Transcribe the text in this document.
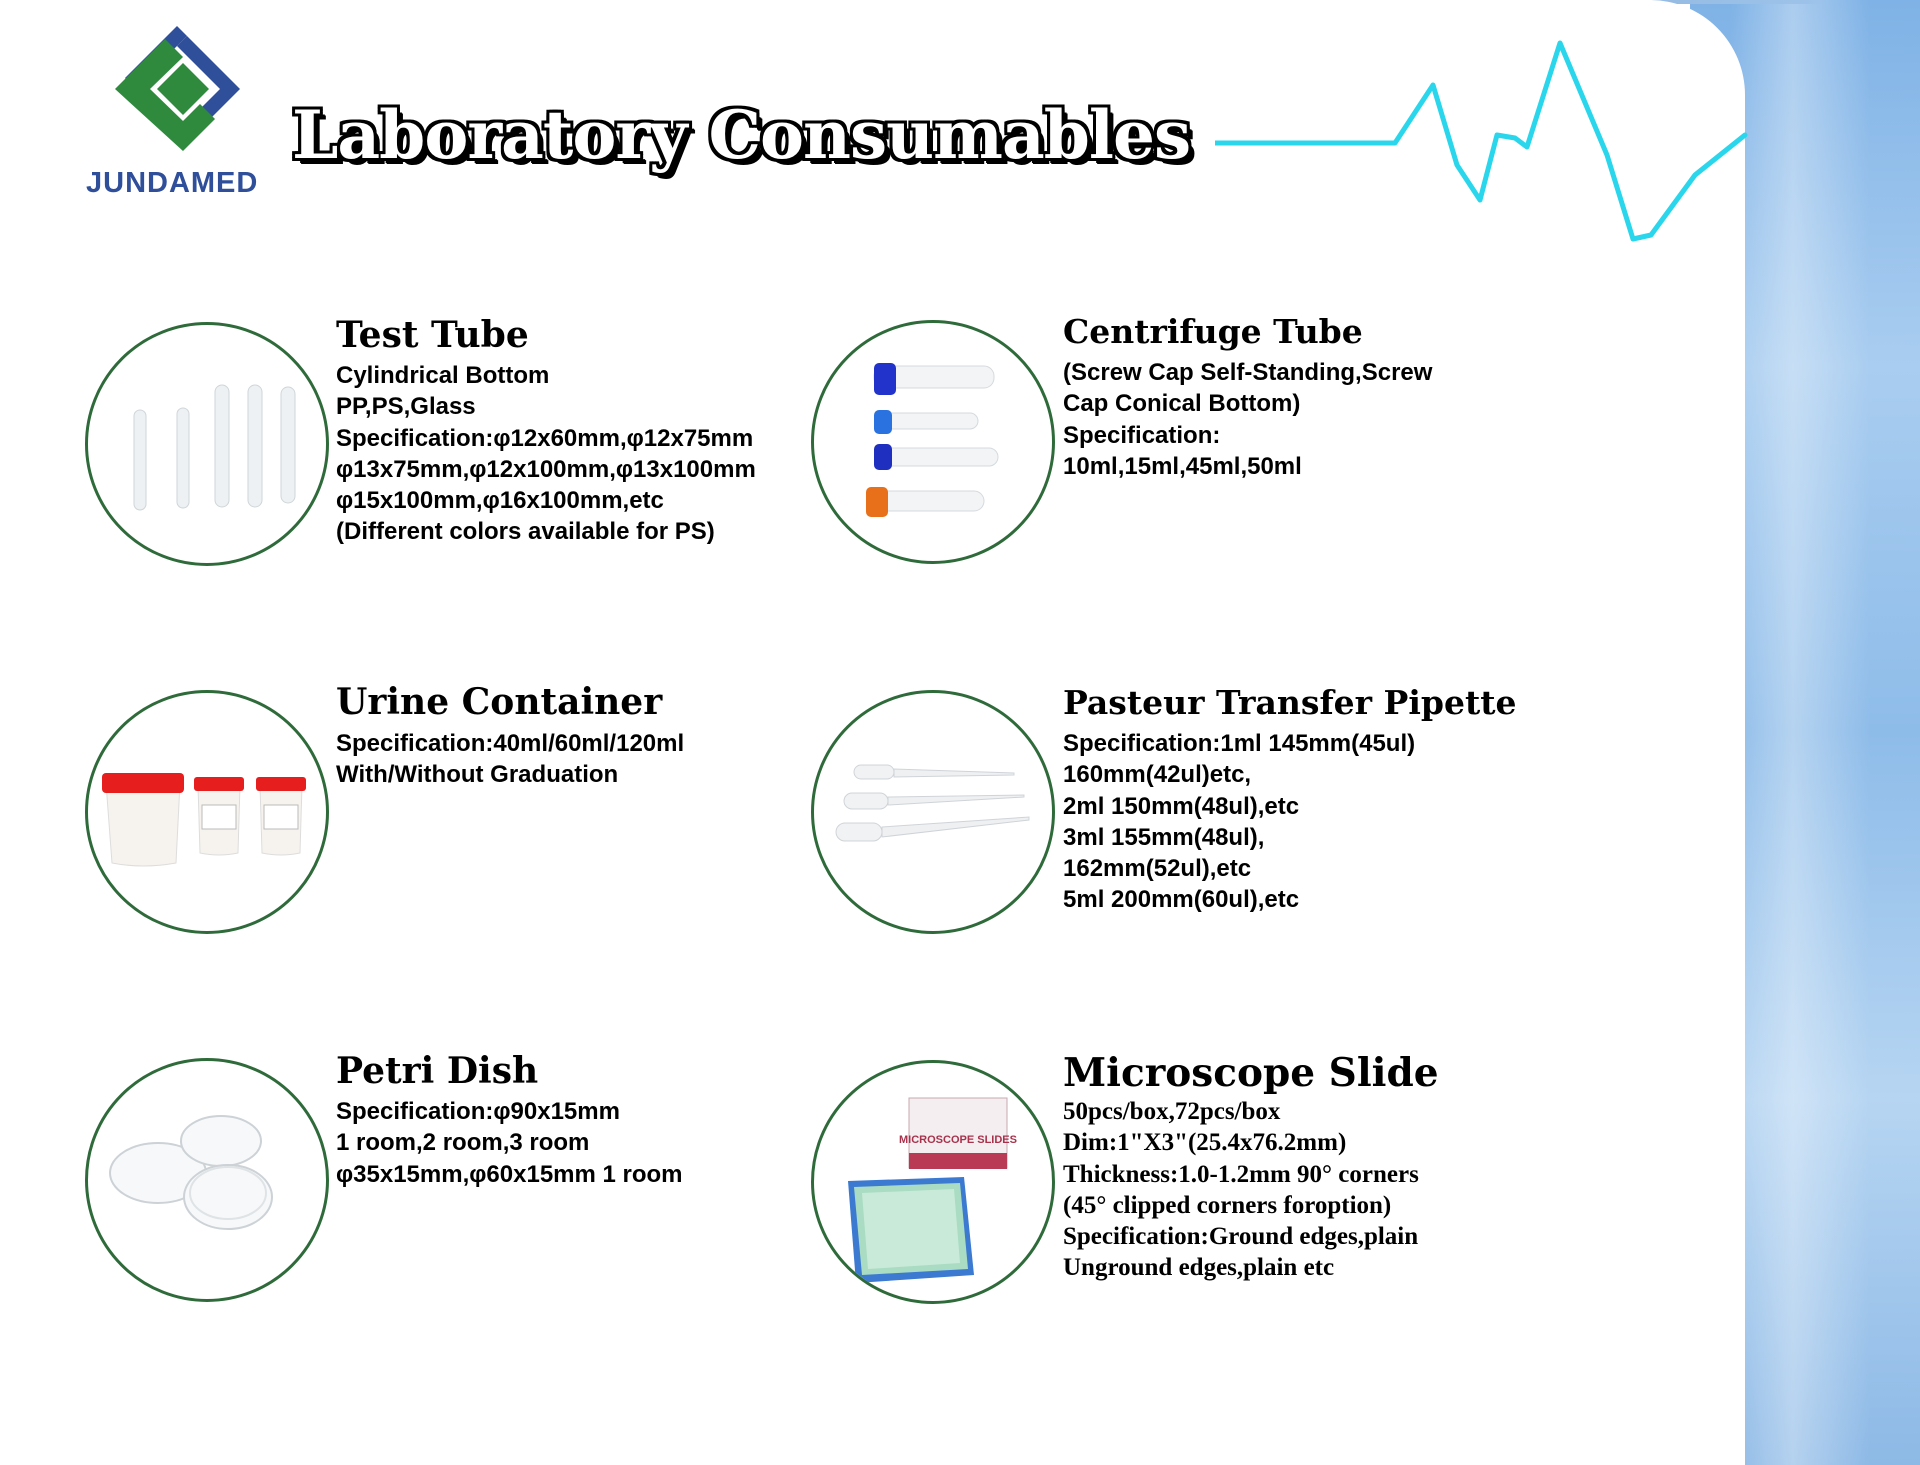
JUNDAMED
Laboratory Consumables
Test Tube
Cylindrical Bottom
PP,PS,Glass
Specification:φ12x60mm,φ12x75mm
φ13x75mm,φ12x100mm,φ13x100mm
φ15x100mm,φ16x100mm,etc
(Different colors available for PS)
Centrifuge Tube
(Screw Cap Self-Standing,Screw
Cap Conical Bottom)
Specification:
10ml,15ml,45ml,50ml
Urine Container
Specification:40ml/60ml/120ml
With/Without Graduation
Pasteur Transfer Pipette
Specification:1ml 145mm(45ul)
160mm(42ul)etc,
2ml 150mm(48ul),etc
3ml 155mm(48ul),
162mm(52ul),etc
5ml 200mm(60ul),etc
Petri Dish
Specification:φ90x15mm
1 room,2 room,3 room
φ35x15mm,φ60x15mm 1 room
MICROSCOPE SLIDES
Microscope Slide
50pcs/box,72pcs/box
Dim:1"X3"(25.4x76.2mm)
Thickness:1.0-1.2mm 90° corners
(45° clipped corners foroption)
Specification:Ground edges,plain
Unground edges,plain etc
